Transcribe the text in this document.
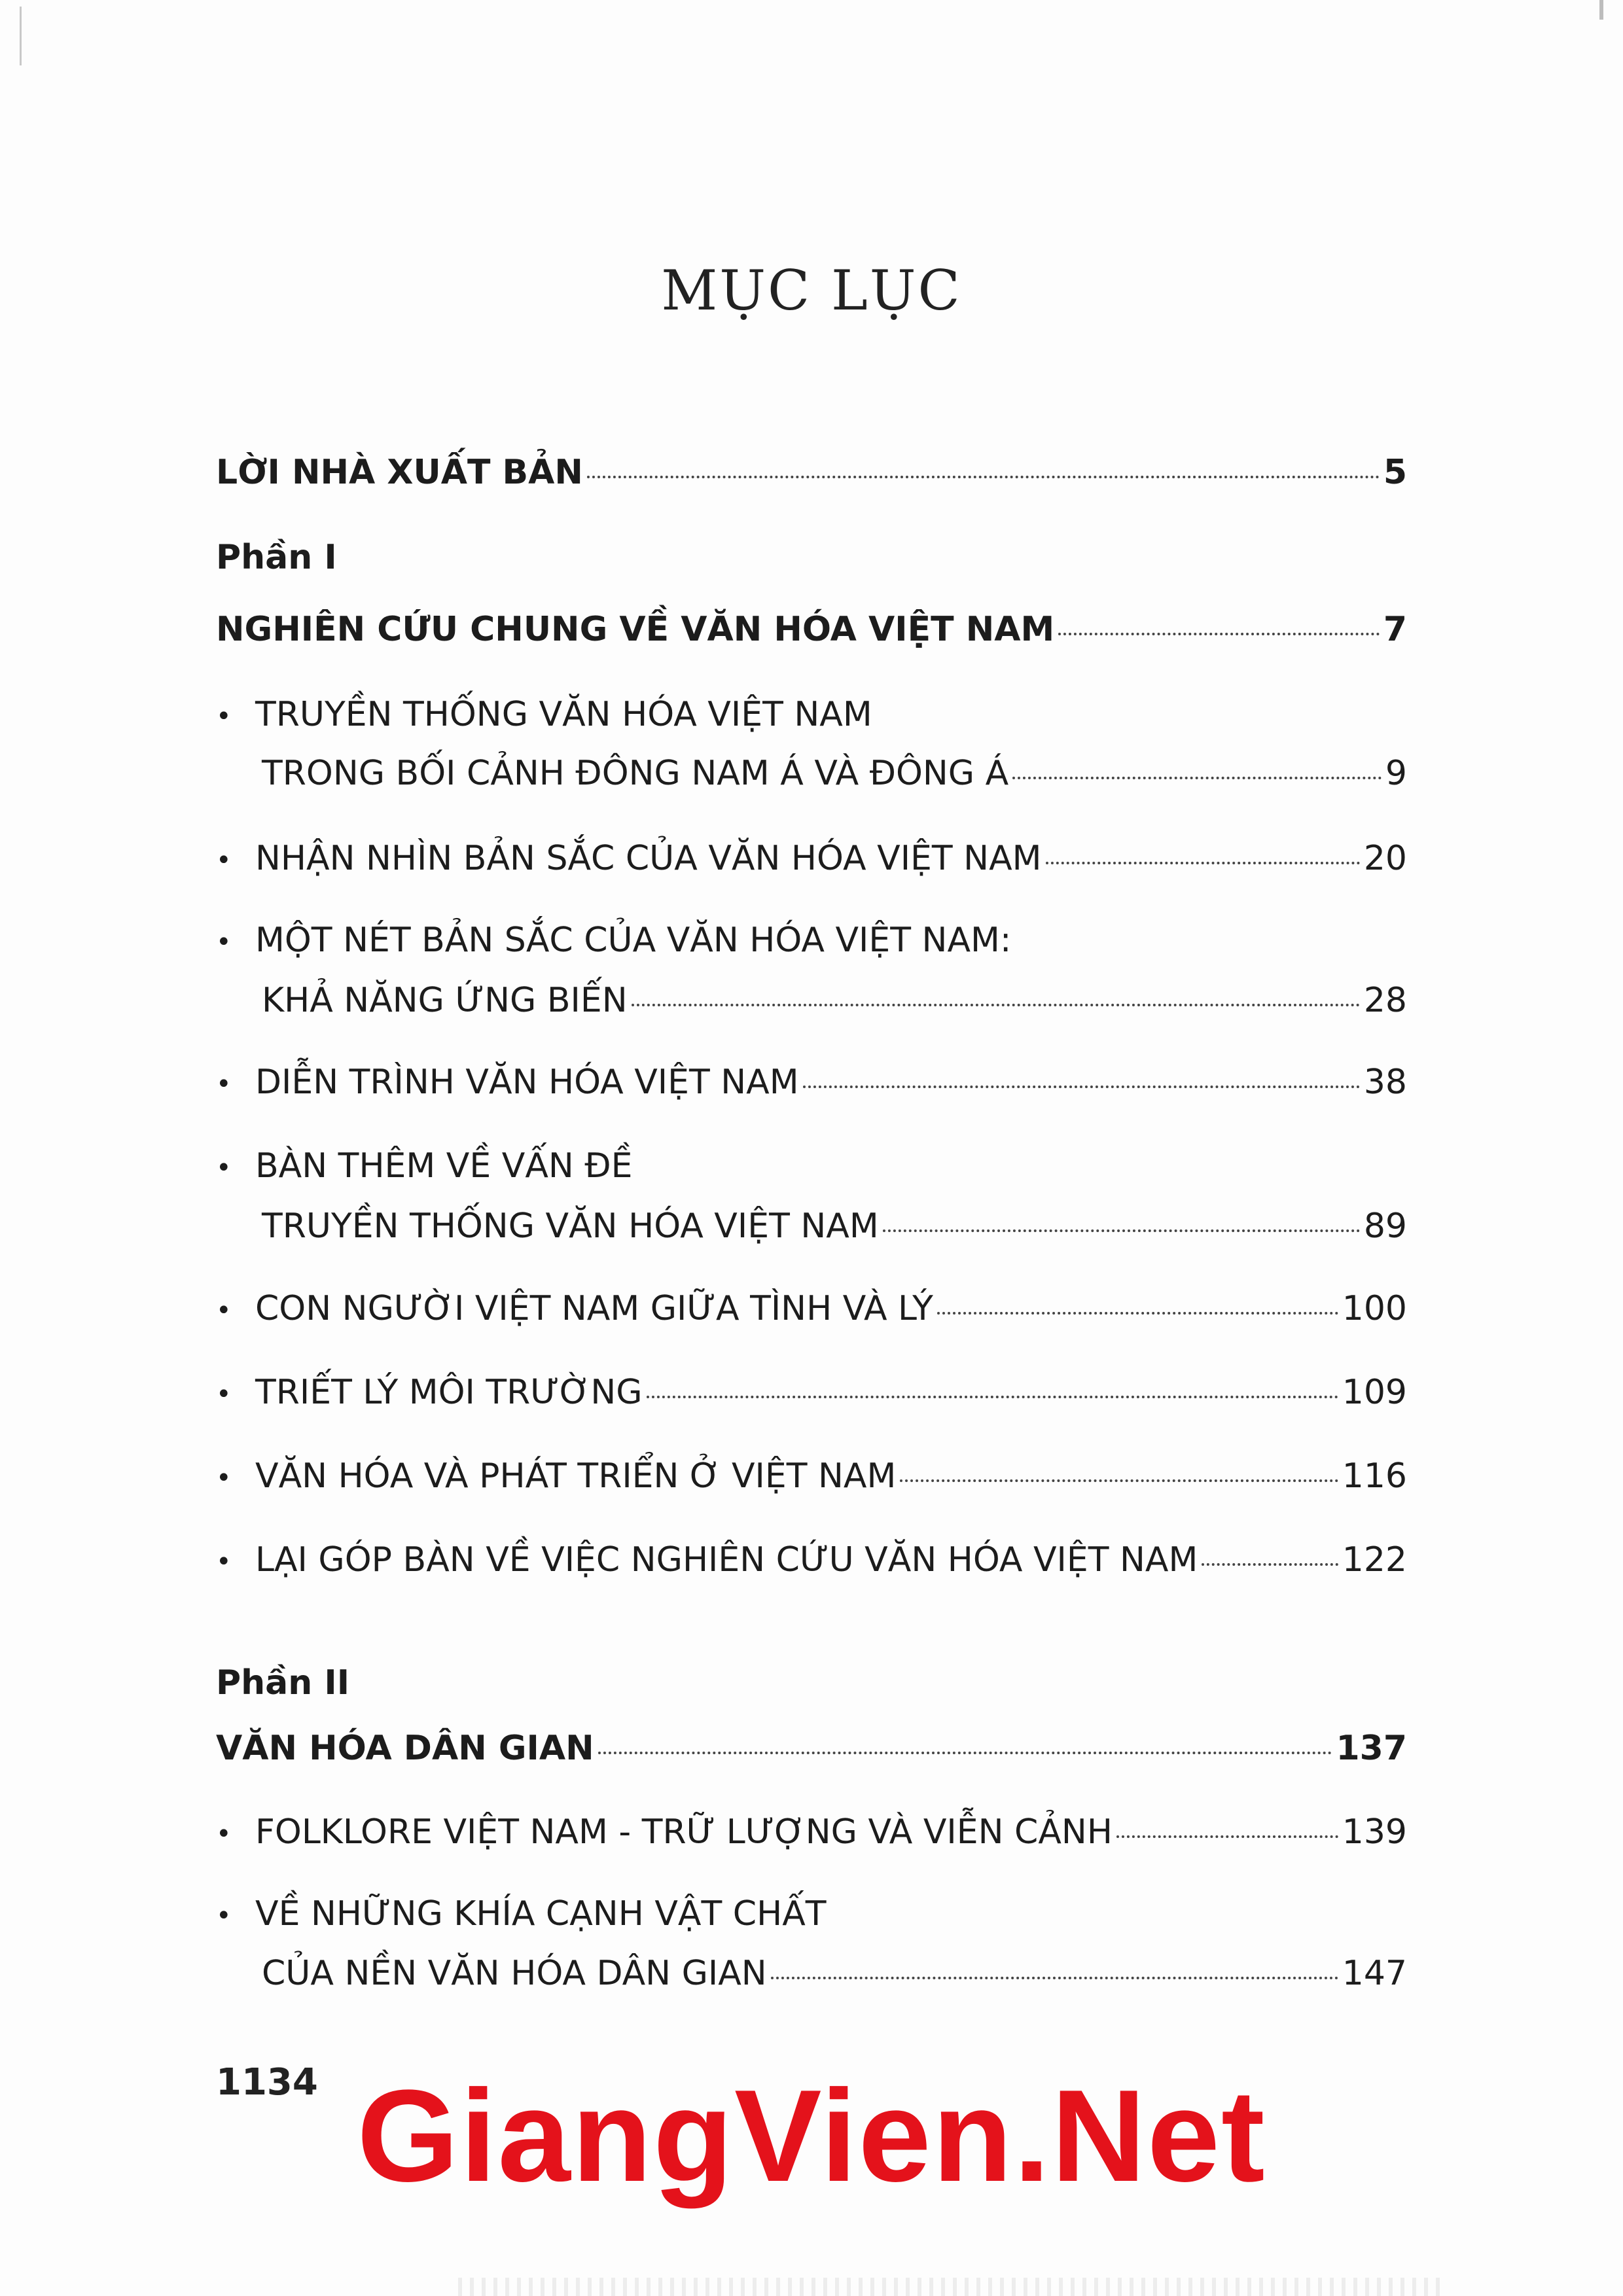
MỤC LỤC
LỜI NHÀ XUẤT BẢN	5
Phần I
NGHIÊN CỨU CHUNG VỀ VĂN HÓA VIỆT NAM	7
• TRUYỀN THỐNG VĂN HÓA VIỆT NAM
TRONG BỐI CẢNH ĐÔNG NAM Á VÀ ĐÔNG Á	9
• NHẬN NHÌN BẢN SẮC CỦA VĂN HÓA VIỆT NAM	20
• MỘT NÉT BẢN SẮC CỦA VĂN HÓA VIỆT NAM:
KHẢ NĂNG ỨNG BIẾN	28
• DIỄN TRÌNH VĂN HÓA VIỆT NAM	38
• BÀN THÊM VỀ VẤN ĐỀ
TRUYỀN THỐNG VĂN HÓA VIỆT NAM	89
• CON NGƯỜI VIỆT NAM GIỮA TÌNH VÀ LÝ	100
• TRIẾT LÝ MÔI TRƯỜNG	109
• VĂN HÓA VÀ PHÁT TRIỂN Ở VIỆT NAM	116
• LẠI GÓP BÀN VỀ VIỆC NGHIÊN CỨU VĂN HÓA VIỆT NAM	122
Phần II
VĂN HÓA DÂN GIAN	137
• FOLKLORE VIỆT NAM - TRỮ LƯỢNG VÀ VIỄN CẢNH	139
• VỀ NHỮNG KHÍA CẠNH VẬT CHẤT
CỦA NỀN VĂN HÓA DÂN GIAN	147
1134 GiangVien.Net
